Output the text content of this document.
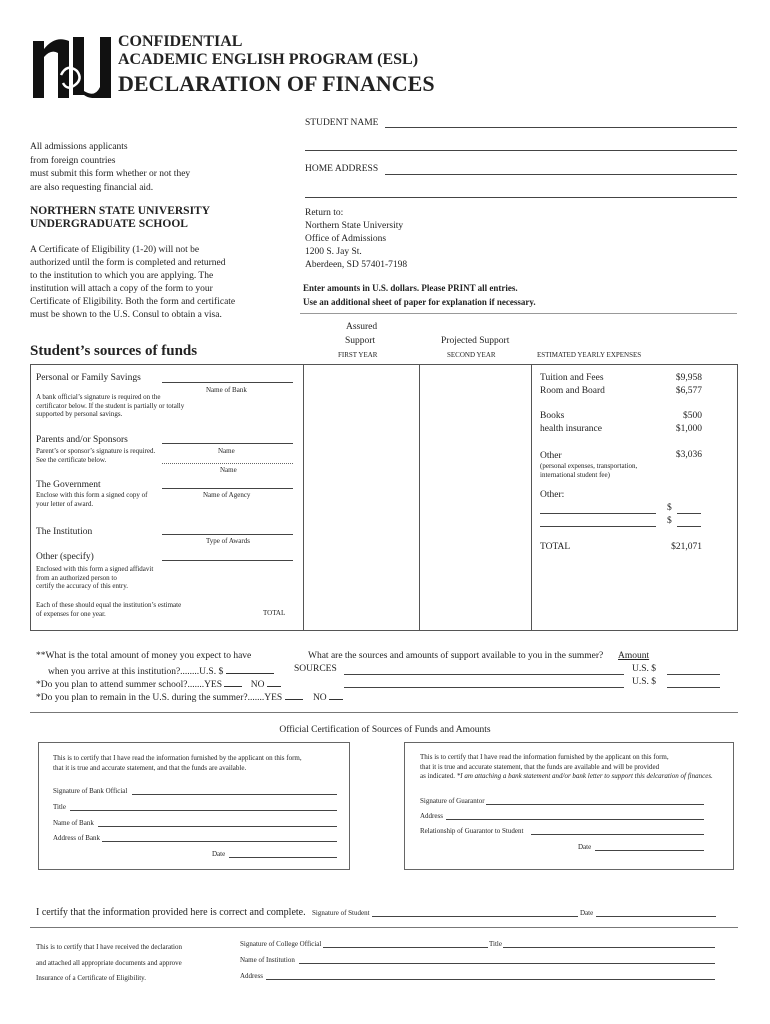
CONFIDENTIAL
ACADEMIC ENGLISH PROGRAM (ESL)
DECLARATION OF FINANCES
All admissions applicants
from foreign countries
must submit this form whether or not they
are also requesting financial aid.
NORTHERN STATE UNIVERSITY
UNDERGRADUATE SCHOOL
A Certificate of Eligibility (1-20) will not be
authorized until the form is completed and returned
to the institution to which you are applying. The
institution will attach a copy of the form to your
Certificate of Eligibility. Both the form and certificate
must be shown to the U.S. Consul to obtain a visa.
STUDENT NAME
HOME ADDRESS
Return to:
Northern State University
Office of Admissions
1200 S. Jay St.
Aberdeen, SD 57401-7198
Enter amounts in U.S. dollars. Please PRINT all entries.
Use an additional sheet of paper for explanation if necessary.
Assured
Support
FIRST YEAR
Projected Support
SECOND YEAR	ESTIMATED YEARLY EXPENSES
Student’s sources of funds
Personal or Family Savings
Name of Bank
A bank official’s signature is required on the
certificator below. If the student is partially or totally
supported by personal savings.
Parents and/or Sponsors
Name
Parent’s or sponsor’s signature is required.
See the certificate below.
Name
The Government
Name of Agency
Enclose with this form a signed copy of
your letter of award.
The Institution
Type of Awards
Other (specify)
Enclosed with this form a signed affidavit
from an authorized person to
certify the accuracy of this entry.
Each of these should equal the institution’s estimate
of expenses for one year.	TOTAL
Tuition and Fees	$9,958
Room and Board	$6,577
Books	$500
health insurance	$1,000
Other	$3,036
(personal expenses, transportation,
international student fee)
Other:
$
$
TOTAL	$21,071
**What is the total amount of money you expect to have
when you arrive at this institution?........U.S. $
*Do you plan to attend summer school?.......YES	NO
*Do you plan to remain in the U.S. during the summer?.......YES	NO
What are the sources and amounts of support available to you in the summer? Amount
SOURCES	U.S. $
U.S. $
Official Certification of Sources of Funds and Amounts
This is to certify that I have read the information furnished by the applicant on this form,
that it is true and accurate statement, and that the funds are available.
Signature of Bank Official
Title
Name of Bank
Address of Bank
Date
This is to certify that I have read the information furnished by the applicant on this form,
that it is true and accurate statement, that the funds are available and will be provided
as indicated. *I am attaching a bank statement and/or bank letter to support this delcaration of finances.
Signature of Guarantor
Address
Relationship of Guarantor to Student
Date
I certify that the information provided here is correct and complete. Signature of Student	Date
This is to certify that I have received the declaration
and attached all appropriate documents and approve
Insurance of a Certificate of Eligibility.
Signature of College Official	Title
Name of Institution
Address
